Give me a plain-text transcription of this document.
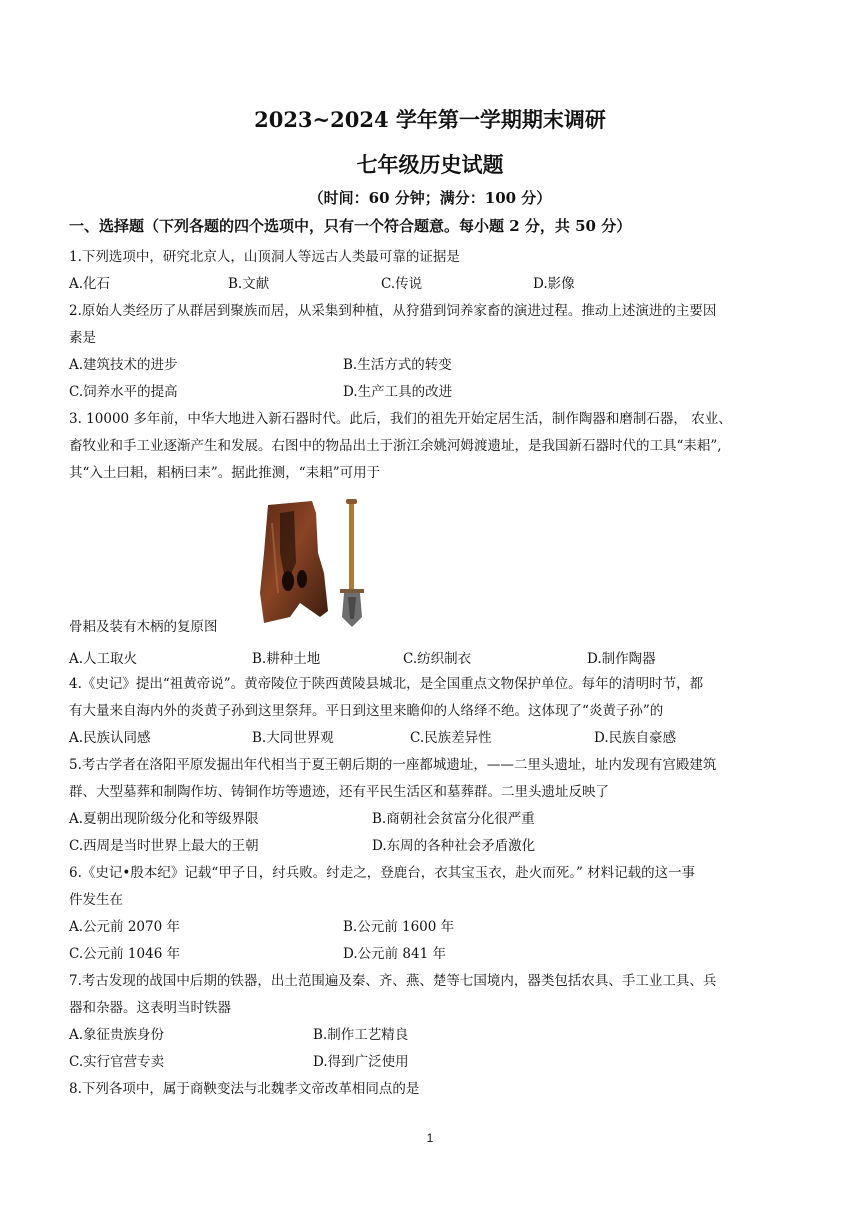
2023~2024 学年第一学期期末调研
七年级历史试题
（时间：60 分钟；满分：100 分）
一、选择题（下列各题的四个选项中，只有一个符合题意。每小题 2 分，共 50 分）
1.下列选项中，研究北京人，山顶洞人等远古人类最可靠的证据是
A.化石	B.文献	C.传说	D.影像
2.原始人类经历了从群居到聚族而居，从采集到种植，从狩猎到饲养家畜的演进过程。推动上述演进的主要因
素是
A.建筑技术的进步	B.生活方式的转变
C.饲养水平的提高	D.生产工具的改进
3. 10000 多年前，中华大地进入新石器时代。此后，我们的祖先开始定居生活，制作陶器和磨制石器， 农业、
畜牧业和手工业逐渐产生和发展。右图中的物品出土于浙江余姚河姆渡遗址，是我国新石器时代的工具“耒耜”,
其“入土曰耜，耜柄曰耒”。据此推测，“耒耜”可用于
骨耜及装有木柄的复原图
A.人工取火	B.耕种土地	C.纺织制衣	D.制作陶器
4.《史记》提出“祖黄帝说”。黄帝陵位于陕西黄陵县城北，是全国重点文物保护单位。每年的清明时节，都
有大量来自海内外的炎黄子孙到这里祭拜。平日到这里来瞻仰的人络绎不绝。这体现了“炎黄子孙”的
A.民族认同感	B.大同世界观	C.民族差异性	D.民族自豪感
5.考古学者在洛阳平原发掘出年代相当于夏王朝后期的一座都城遗址，——二里头遗址，址内发现有宫殿建筑
群、大型墓葬和制陶作坊、铸铜作坊等遗迹，还有平民生活区和墓葬群。二里头遗址反映了
A.夏朝出现阶级分化和等级界限	B.商朝社会贫富分化很严重
C.西周是当时世界上最大的王朝	D.东周的各种社会矛盾激化
6.《史记•殷本纪》记载“甲子日，纣兵败。纣走之，登鹿台，衣其宝玉衣，赴火而死。” 材料记载的这一事
件发生在
A.公元前 2070 年	B.公元前 1600 年
C.公元前 1046 年	D.公元前 841 年
7.考古发现的战国中后期的铁器，出土范围遍及秦、齐、燕、楚等七国境内，器类包括农具、手工业工具、兵
器和杂器。这表明当时铁器
A.象征贵族身份	B.制作工艺精良
C.实行官营专卖	D.得到广泛使用
8.下列各项中，属于商鞅变法与北魏孝文帝改革相同点的是
1
